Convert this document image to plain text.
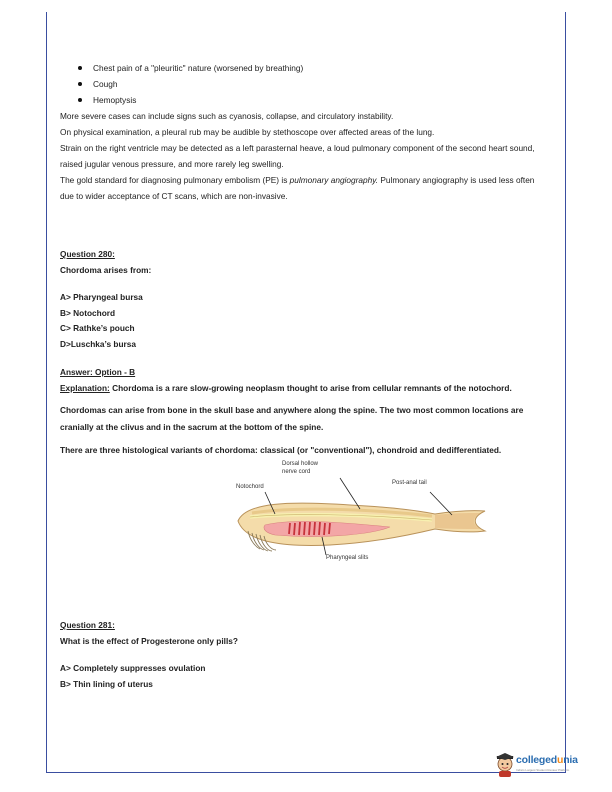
Chest pain of a "pleuritic" nature (worsened by breathing)
Cough
Hemoptysis

More severe cases can include signs such as cyanosis, collapse, and circulatory instability.

On physical examination, a pleural rub may be audible by stethoscope over affected areas of the lung.

Strain on the right ventricle may be detected as a left parasternal heave, a loud pulmonary component of the second heart sound, raised jugular venous pressure, and more rarely leg swelling.

The gold standard for diagnosing pulmonary embolism (PE) is pulmonary angiography. Pulmonary angiography is used less often due to wider acceptance of CT scans, which are non-invasive.

Question 280:

Chordoma arises from:

A> Pharyngeal bursa
B> Notochord
C> Rathke’s pouch
D>Luschka’s bursa

Answer: Option - B

Explanation: Chordoma is a rare slow-growing neoplasm thought to arise from cellular remnants of the notochord.

Chordomas can arise from bone in the skull base and anywhere along the spine. The two most common locations are cranially at the clivus and in the sacrum at the bottom of the spine.

There are three histological variants of chordoma: classical (or "conventional"), chondroid and dedifferentiated.

Dorsal hollow
nerve cord
Notochord
Post-anal tail
Pharyngeal slits

Question 281:

What is the effect of Progesterone only pills?

A> Completely suppresses ovulation
B> Thin lining of uterus
collegedunia
India's Largest Student Review Platform
